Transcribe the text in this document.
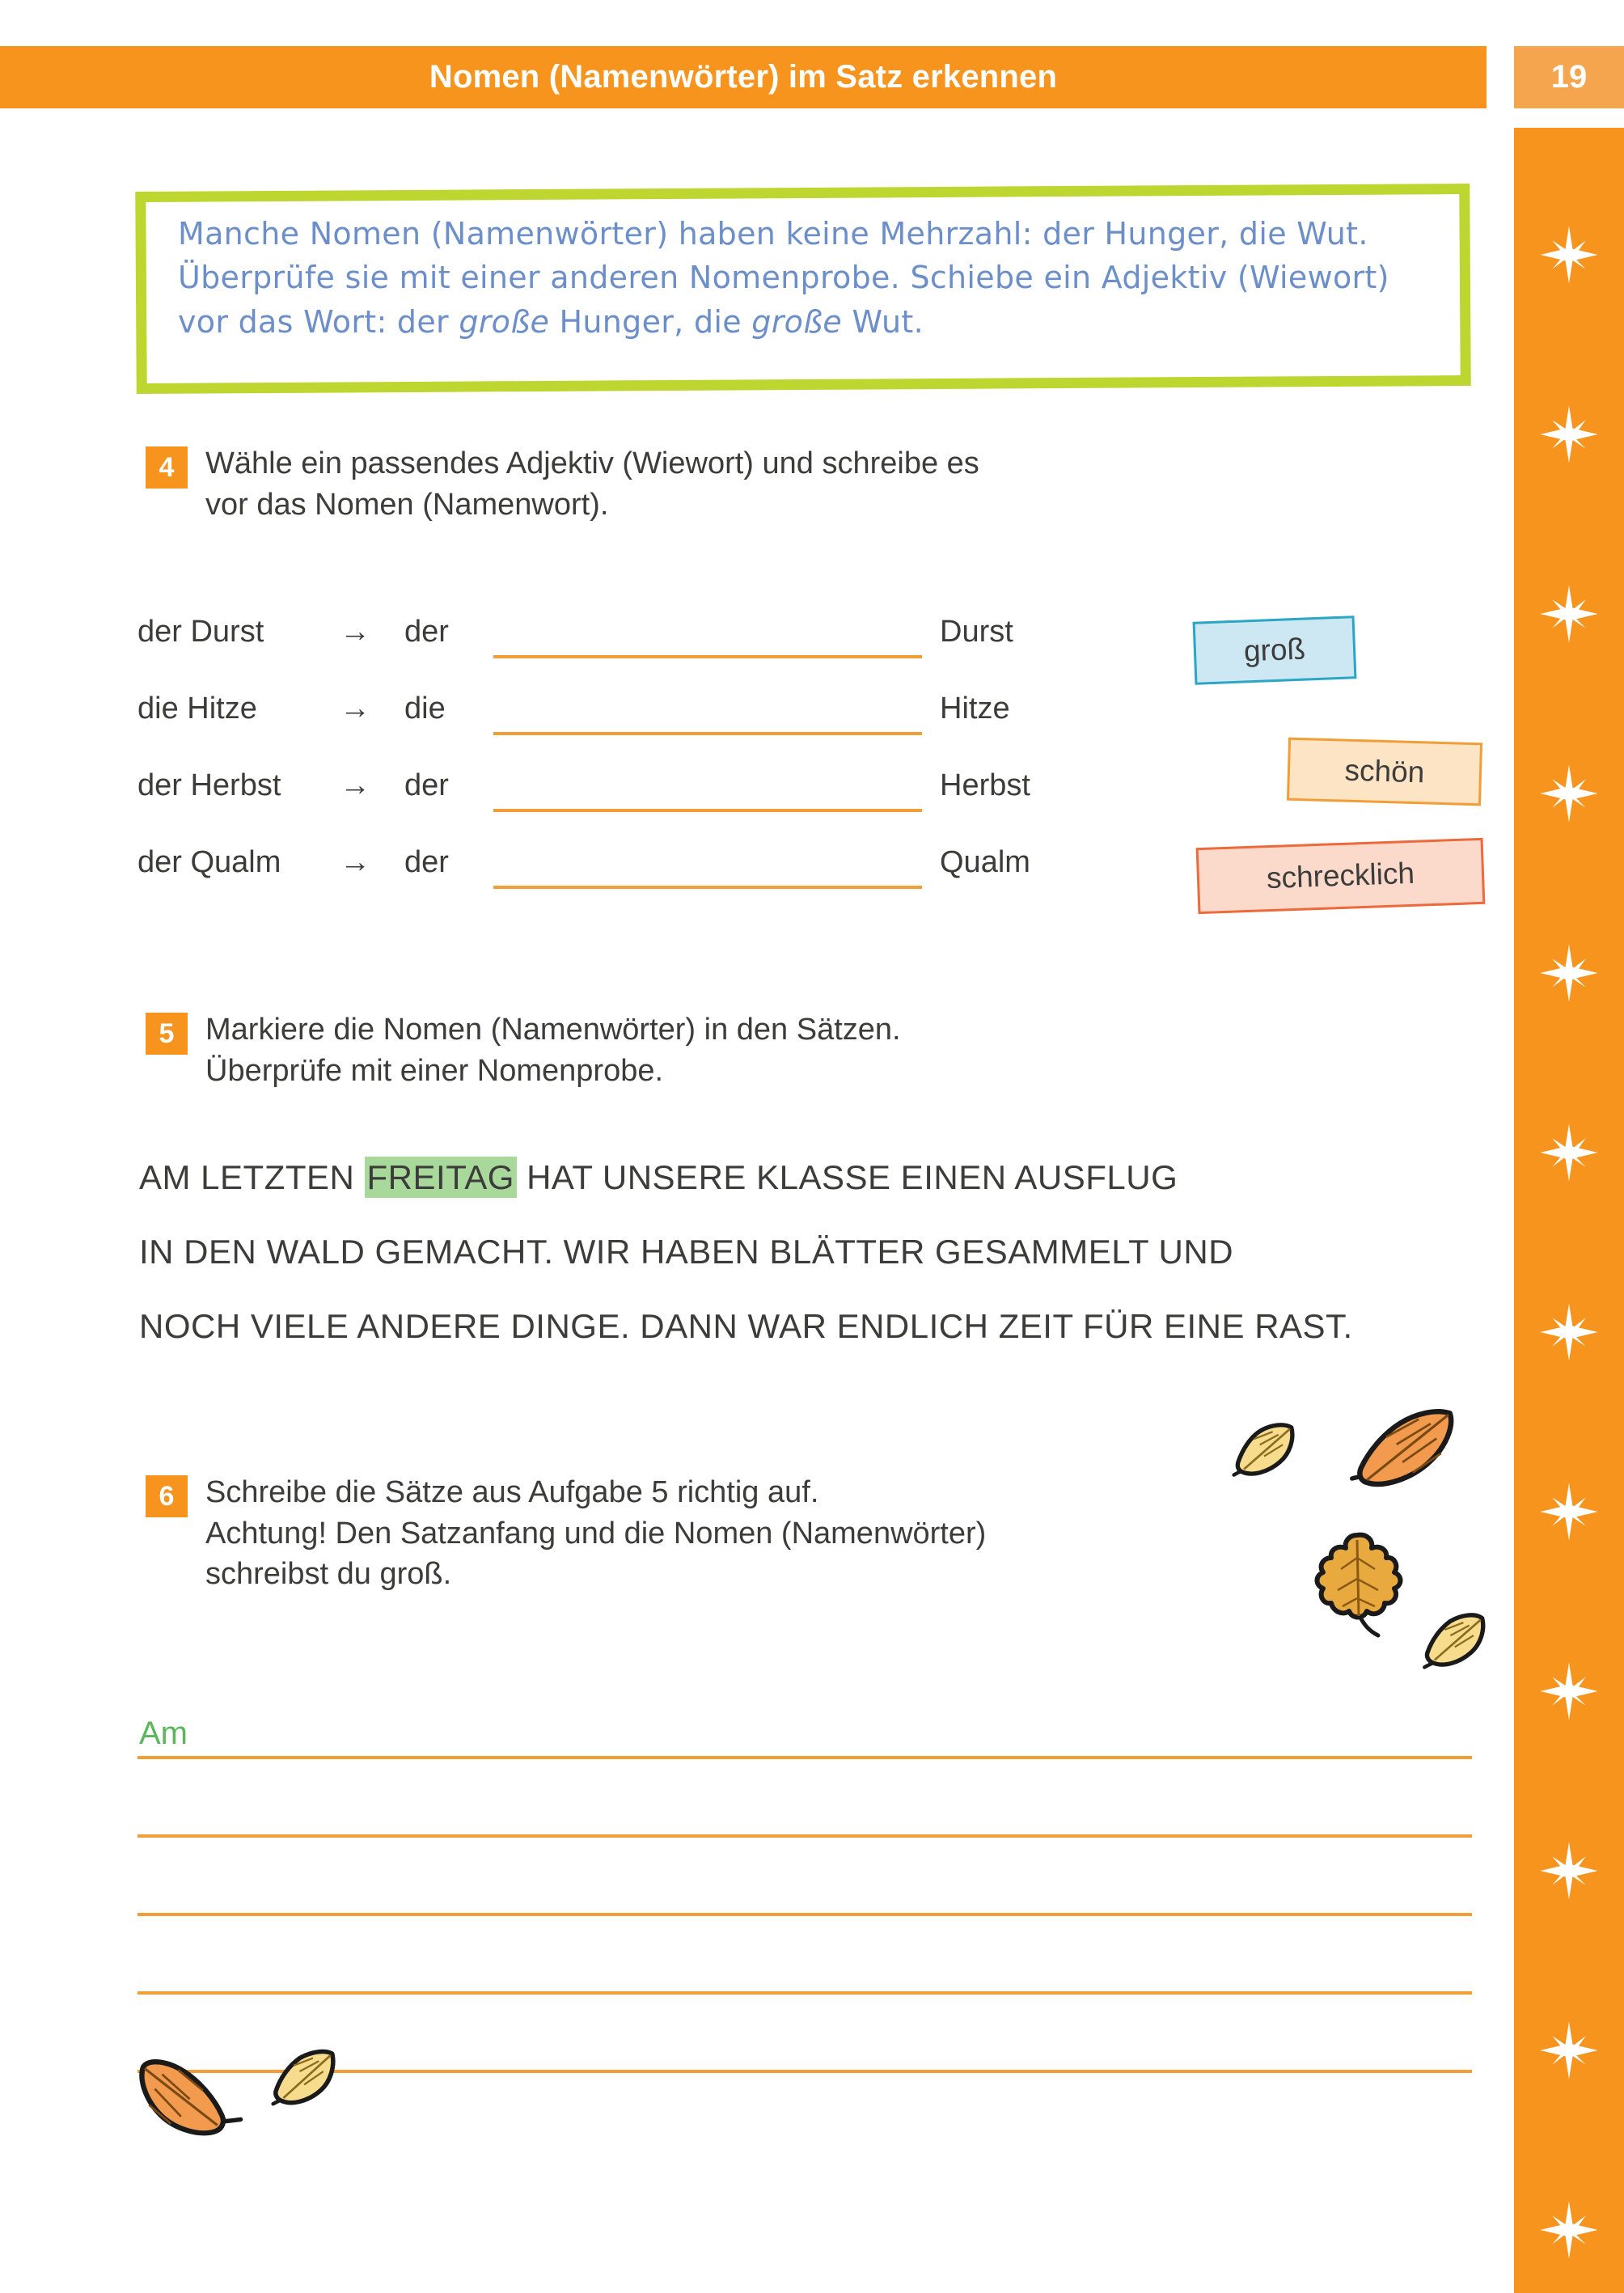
Nomen (Namenwörter) im Satz erkennen	19
Manche Nomen (Namenwörter) haben keine Mehrzahl: der Hunger, die Wut.
Überprüfe sie mit einer anderen Nomenprobe. Schiebe ein Adjektiv (Wiewort)
vor das Wort: der große Hunger, die große Wut.
4	Wähle ein passendes Adjektiv (Wiewort) und schreibe es
vor das Nomen (Namenwort).
der Durst	→	der	Durst
die Hitze	→	die	Hitze
der Herbst	→	der	Herbst
der Qualm	→	der	Qualm
groß
schön
schrecklich
5	Markiere die Nomen (Namenwörter) in den Sätzen.
Überprüfe mit einer Nomenprobe.
AM LETZTEN FREITAG HAT UNSERE KLASSE EINEN AUSFLUG
IN DEN WALD GEMACHT. WIR HABEN BLÄTTER GESAMMELT UND
NOCH VIELE ANDERE DINGE. DANN WAR ENDLICH ZEIT FÜR EINE RAST.
6	Schreibe die Sätze aus Aufgabe 5 richtig auf.
Achtung! Den Satzanfang und die Nomen (Namenwörter)
schreibst du groß.
Am
